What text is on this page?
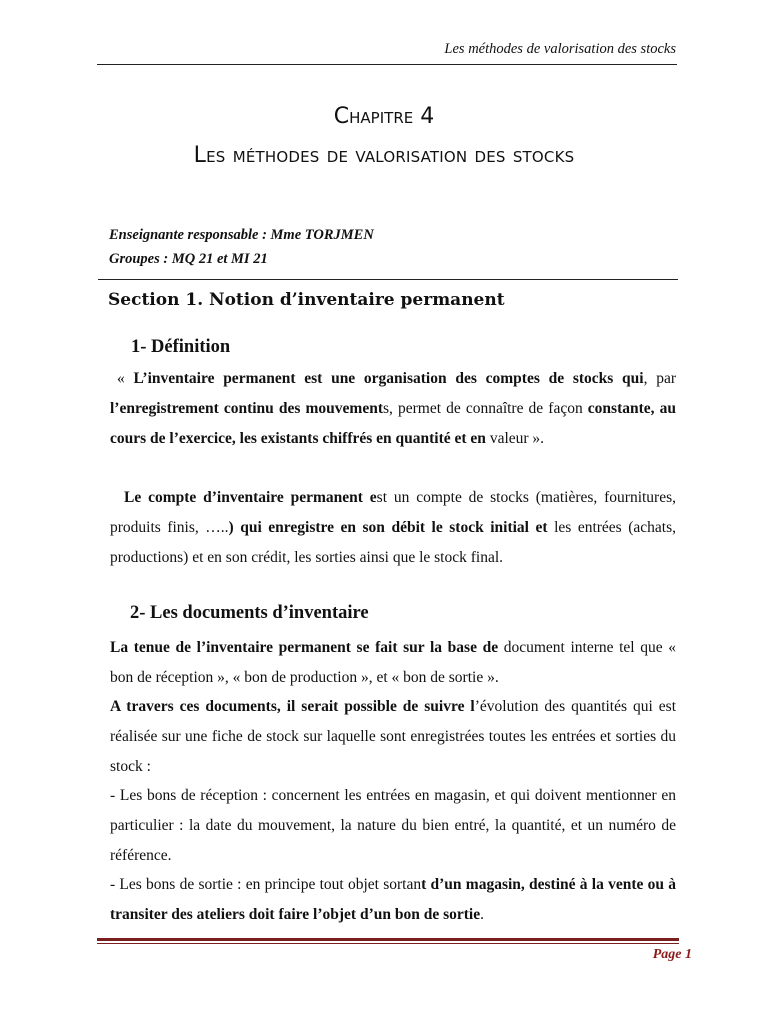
Les méthodes de valorisation des stocks
Chapitre 4
Les méthodes de valorisation des stocks
Enseignante responsable : Mme TORJMEN
Groupes : MQ 21 et MI 21
Section 1. Notion d’inventaire permanent
1- Définition
« L’inventaire permanent est une organisation des comptes de stocks qui, par l’enregistrement continu des mouvements, permet de connaître de façon constante, au cours de l’exercice, les existants chiffrés en quantité et en valeur ».
Le compte d’inventaire permanent est un compte de stocks (matières, fournitures, produits finis, …..) qui enregistre en son débit le stock initial et les entrées (achats, productions) et en son crédit, les sorties ainsi que le stock final.
2- Les documents d’inventaire
La tenue de l’inventaire permanent se fait sur la base de document interne tel que « bon de réception », « bon de production », et « bon de sortie ».
A travers ces documents, il serait possible de suivre l’évolution des quantités qui est réalisée sur une fiche de stock sur laquelle sont enregistrées toutes les entrées et sorties du stock :
- Les bons de réception : concernent les entrées en magasin, et qui doivent mentionner en particulier : la date du mouvement, la nature du bien entré, la quantité, et un numéro de référence.
- Les bons de sortie : en principe tout objet sortant d’un magasin, destiné à la vente ou à transiter des ateliers doit faire l’objet d’un bon de sortie.
Page 1
